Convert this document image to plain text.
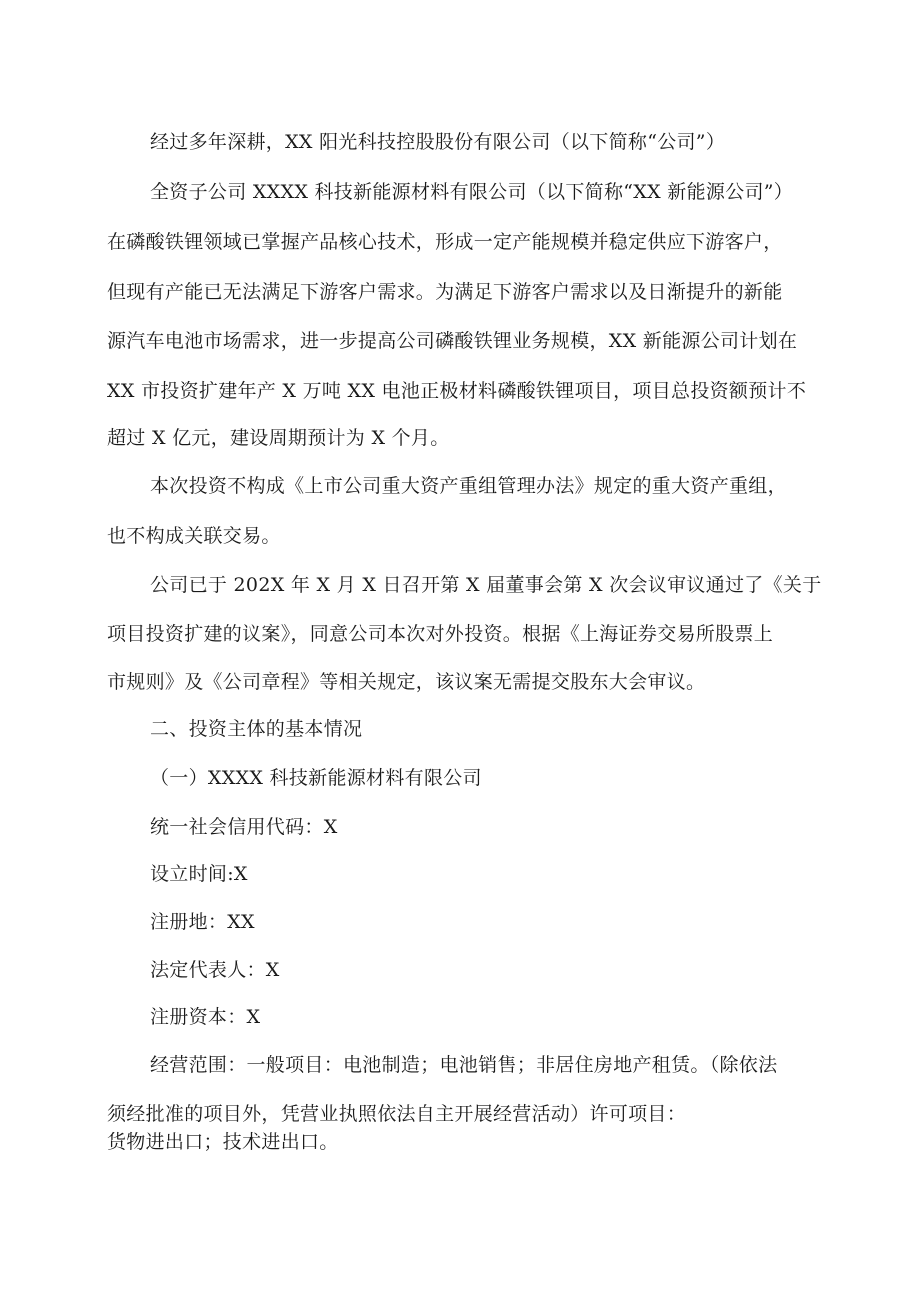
经过多年深耕，XX 阳光科技控股股份有限公司（以下简称“公司”）
全资子公司 XXXX 科技新能源材料有限公司（以下简称“XX 新能源公司”）
在磷酸铁锂领域已掌握产品核心技术，形成一定产能规模并稳定供应下游客户，
但现有产能已无法满足下游客户需求。为满足下游客户需求以及日渐提升的新能
源汽车电池市场需求，进一步提高公司磷酸铁锂业务规模，XX 新能源公司计划在
XX 市投资扩建年产 X 万吨 XX 电池正极材料磷酸铁锂项目，项目总投资额预计不
超过 X 亿元，建设周期预计为 X 个月。
本次投资不构成《上市公司重大资产重组管理办法》规定的重大资产重组，
也不构成关联交易。
公司已于 202X 年 X 月 X 日召开第 X 届董事会第 X 次会议审议通过了《关于
项目投资扩建的议案》，同意公司本次对外投资。根据《上海证券交易所股票上
市规则》及《公司章程》等相关规定，该议案无需提交股东大会审议。
二、投资主体的基本情况
（一）XXXX 科技新能源材料有限公司
统一社会信用代码：X
设立时间:X
注册地：XX
法定代表人：X
注册资本：X
经营范围：一般项目：电池制造；电池销售；非居住房地产租赁。（除依法
须经批准的项目外，凭营业执照依法自主开展经营活动）许可项目：
货物进出口；技术进出口。
